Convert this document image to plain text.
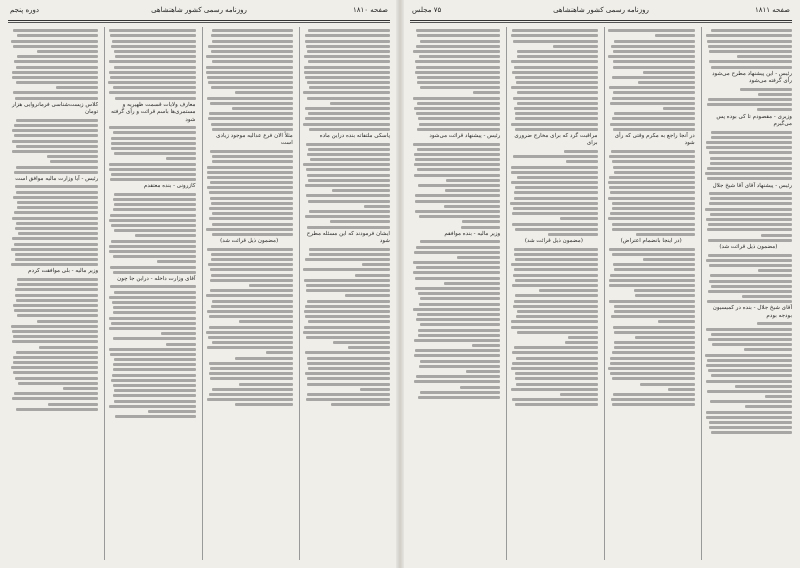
صفحه ۱۸۱۰
روزنامه رسمی کشور شاهنشاهی
دوره پنجم
پاسکی ملتفاته بنده دراین ماده
ایشان فرمودند که این مسئله مطرح شود
مثلاً الان فرع عدالیه موجود زیادی است
(مضمون ذیل قرائت شد)
معارف ولایات قسمت ظهیریه و مستمری‌ها باسم قرائت و رأی گرفته شود
کازرونی - بنده معتقدم
آقای وزارت داخله - دراین جا چون
کلاس زیست‌شناسی فرمانروایی هزار تومان
رئیس - آیا وزارت مالیه موافق است
وزیر مالیه - بلی موافقت کردم
صفحه ۱۸۱۱
روزنامه رسمی کشور شاهنشاهی
۷۵ مجلس
رئیس - این پیشنهاد مطرح می‌شود رأی گرفته می‌شود
وزیری - مقصودم تا کی بوده پس می‌گیرم
رئیس - پیشنهاد آقای آقا شیخ جلال
(مضمون ذیل قرائت شد)
آقای شیخ جلال - بنده در کمیسیون بودجه بودم
در آنجا راجع به مکرم وقتی که رأی شود
(در اینجا بانضمام اعتراض)
مراقبت گرد که برای مخارج ضروری برای
(مضمون ذیل قرائت شد)
رئیس - پیشنهاد قرائت می‌شود
وزیر مالیه - بنده موافقم
